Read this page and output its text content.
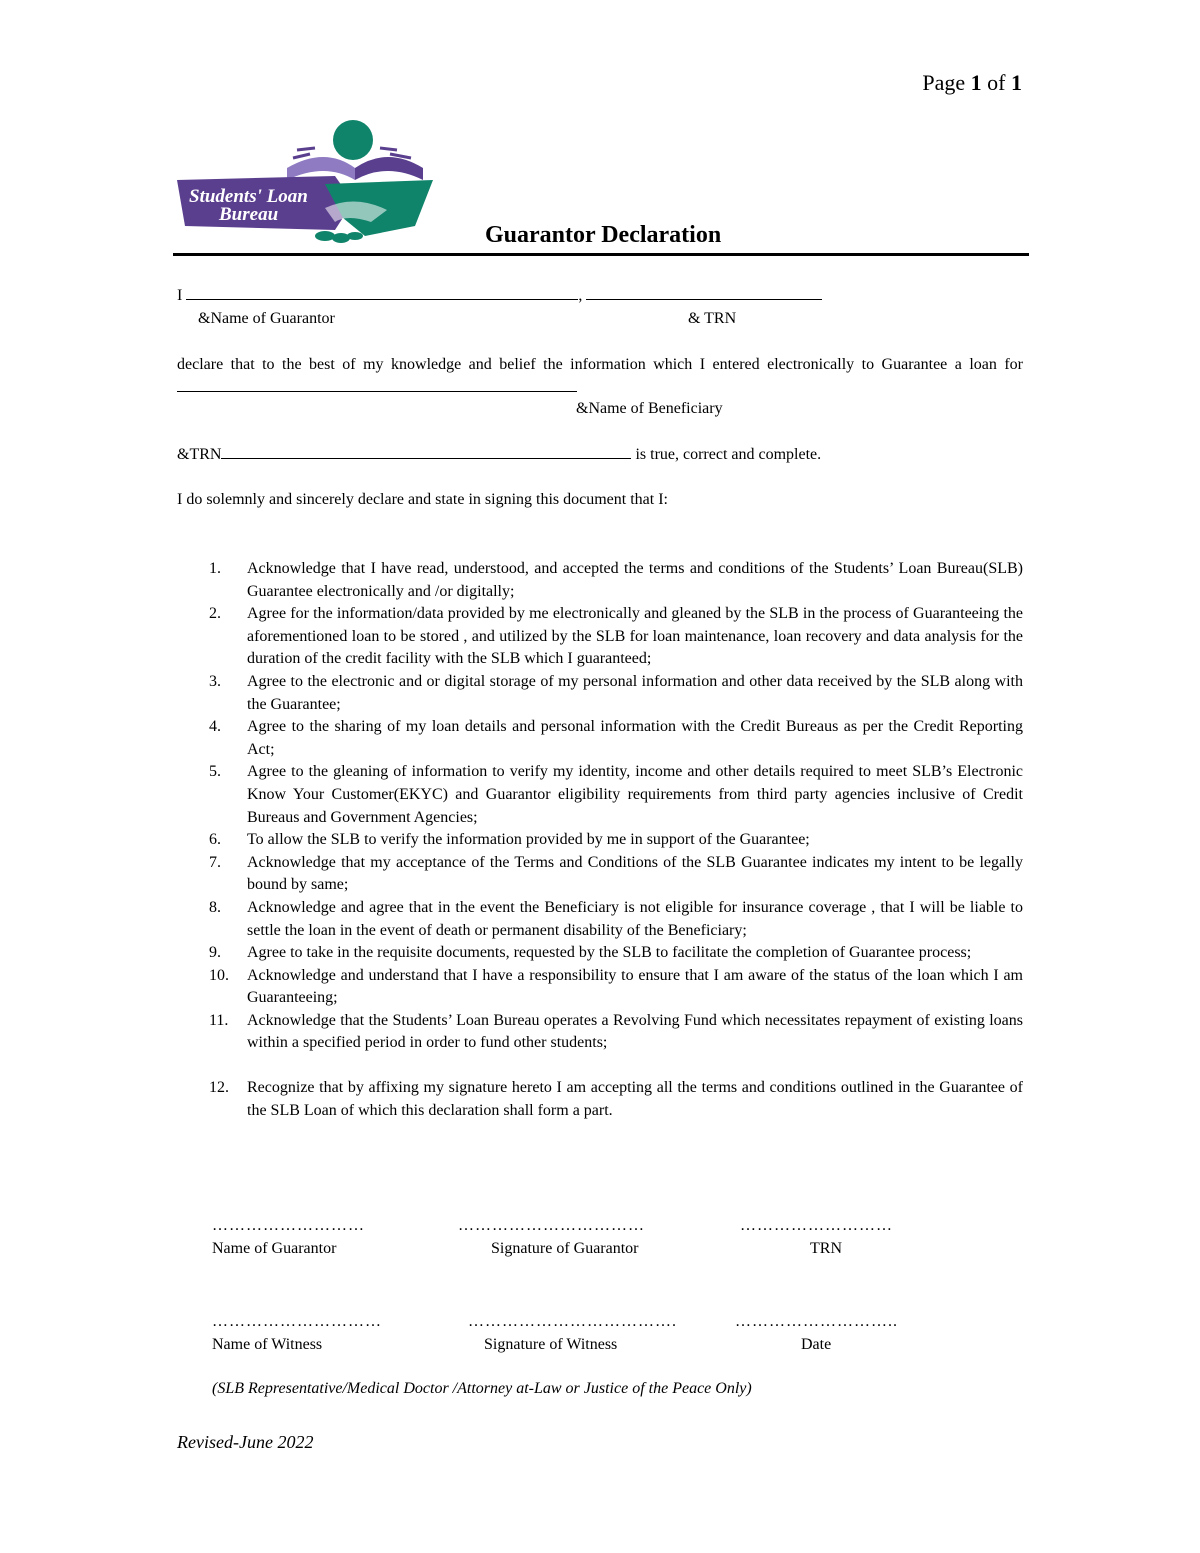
Page 1 of 1
Students' Loan
Bureau
Guarantor Declaration
I	,
&Name of Guarantor	& TRN
declare that to the best of my knowledge and belief the information which I entered electronically to Guarantee a loan for
&Name of Beneficiary
&TRN	is true, correct and complete.
I do solemnly and sincerely declare and state in signing this document that I:
1. Acknowledge that I have read, understood, and accepted the terms and conditions of the Students’ Loan Bureau(SLB) Guarantee electronically and /or digitally;
2. Agree for the information/data provided by me electronically and gleaned by the SLB in the process of Guaranteeing the aforementioned loan to be stored , and utilized by the SLB for loan maintenance, loan recovery and data analysis for the duration of the credit facility with the SLB which I guaranteed;
3. Agree to the electronic and or digital storage of my personal information and other data received by the SLB along with the Guarantee;
4. Agree to the sharing of my loan details and personal information with the Credit Bureaus as per the Credit Reporting Act;
5. Agree to the gleaning of information to verify my identity, income and other details required to meet SLB’s Electronic Know Your Customer(EKYC) and Guarantor eligibility requirements from third party agencies inclusive of Credit Bureaus and Government Agencies;
6. To allow the SLB to verify the information provided by me in support of the Guarantee;
7. Acknowledge that my acceptance of the Terms and Conditions of the SLB Guarantee indicates my intent to be legally bound by same;
8. Acknowledge and agree that in the event the Beneficiary is not eligible for insurance coverage , that I will be liable to settle the loan in the event of death or permanent disability of the Beneficiary;
9. Agree to take in the requisite documents, requested by the SLB to facilitate the completion of Guarantee process;
10. Acknowledge and understand that I have a responsibility to ensure that I am aware of the status of the loan which I am Guaranteeing;
11. Acknowledge that the Students’ Loan Bureau operates a Revolving Fund which necessitates repayment of existing loans within a specified period in order to fund other students;
12. Recognize that by affixing my signature hereto I am accepting all the terms and conditions outlined in the Guarantee of the SLB Loan of which this declaration shall form a part.
………………………	……………………………	………………………
Name of Guarantor	Signature of Guarantor	TRN
…………………………	……………………………….	………………………..
Name of Witness	Signature of Witness	Date
(SLB Representative/Medical Doctor /Attorney at-Law or Justice of the Peace Only)
Revised-June 2022
